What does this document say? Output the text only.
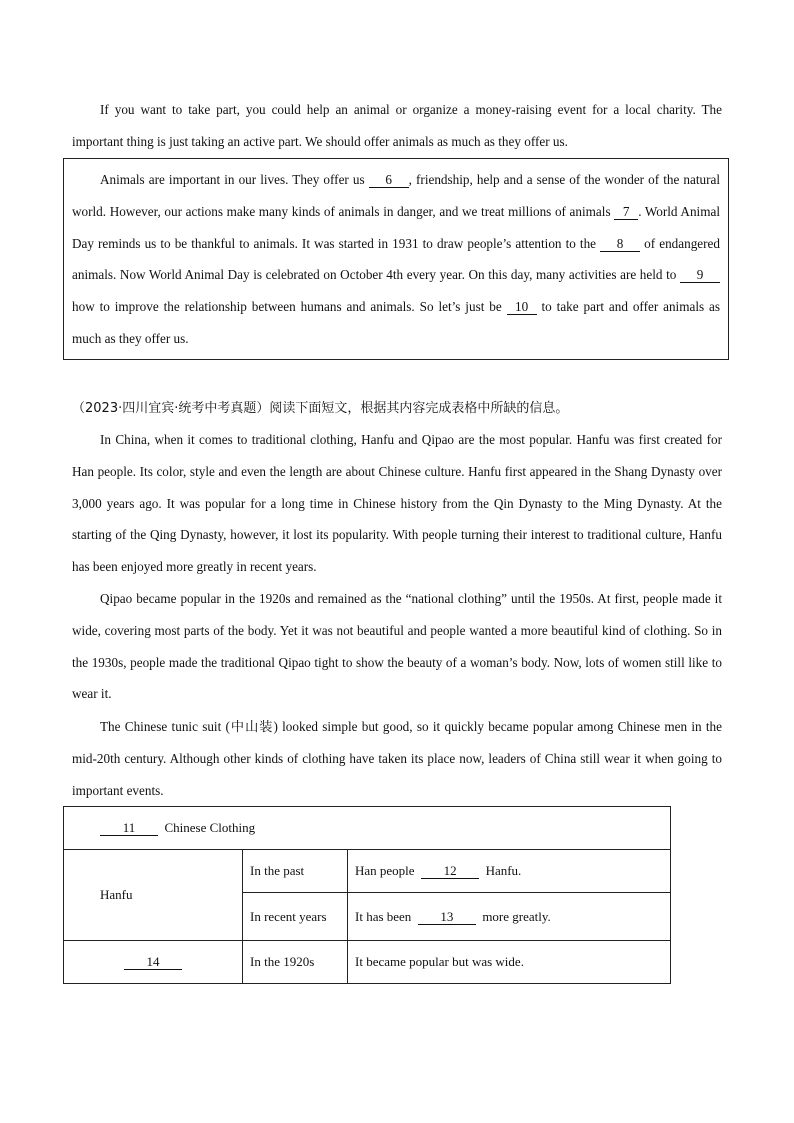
If you want to take part, you could help an animal or organize a money-raising event for a local charity. The important thing is just taking an active part. We should offer animals as much as they offer us.

Animals are important in our lives. They offer us 6 , friendship, help and a sense of the wonder of the natural world. However, our actions make many kinds of animals in danger, and we treat millions of animals 7 . World Animal Day reminds us to be thankful to animals. It was started in 1931 to draw people’s attention to the 8 of endangered animals. Now World Animal Day is celebrated on October 4th every year. On this day, many activities are held to 9 how to improve the relationship between humans and animals. So let’s just be 10 to take part and offer animals as much as they offer us.

（2023·四川宜宾·统考中考真题）阅读下面短文，根据其内容完成表格中所缺的信息。

In China, when it comes to traditional clothing, Hanfu and Qipao are the most popular. Hanfu was first created for Han people. Its color, style and even the length are about Chinese culture. Hanfu first appeared in the Shang Dynasty over 3,000 years ago. It was popular for a long time in Chinese history from the Qin Dynasty to the Ming Dynasty. At the starting of the Qing Dynasty, however, it lost its popularity. With people turning their interest to traditional culture, Hanfu has been enjoyed more greatly in recent years.

Qipao became popular in the 1920s and remained as the “national clothing” until the 1950s. At first, people made it wide, covering most parts of the body. Yet it was not beautiful and people wanted a more beautiful kind of clothing. So in the 1930s, people made the traditional Qipao tight to show the beauty of a woman’s body. Now, lots of women still like to wear it.

The Chinese tunic suit (中山装) looked simple but good, so it quickly became popular among Chinese men in the mid-20th century. Although other kinds of clothing have taken its place now, leaders of China still wear it when going to important events.

11 Chinese Clothing		
Hanfu	In the past	Han people 12 Hanfu.
	In recent years	It has been 13 more greatly.
14	In the 1920s	It became popular but was wide.
